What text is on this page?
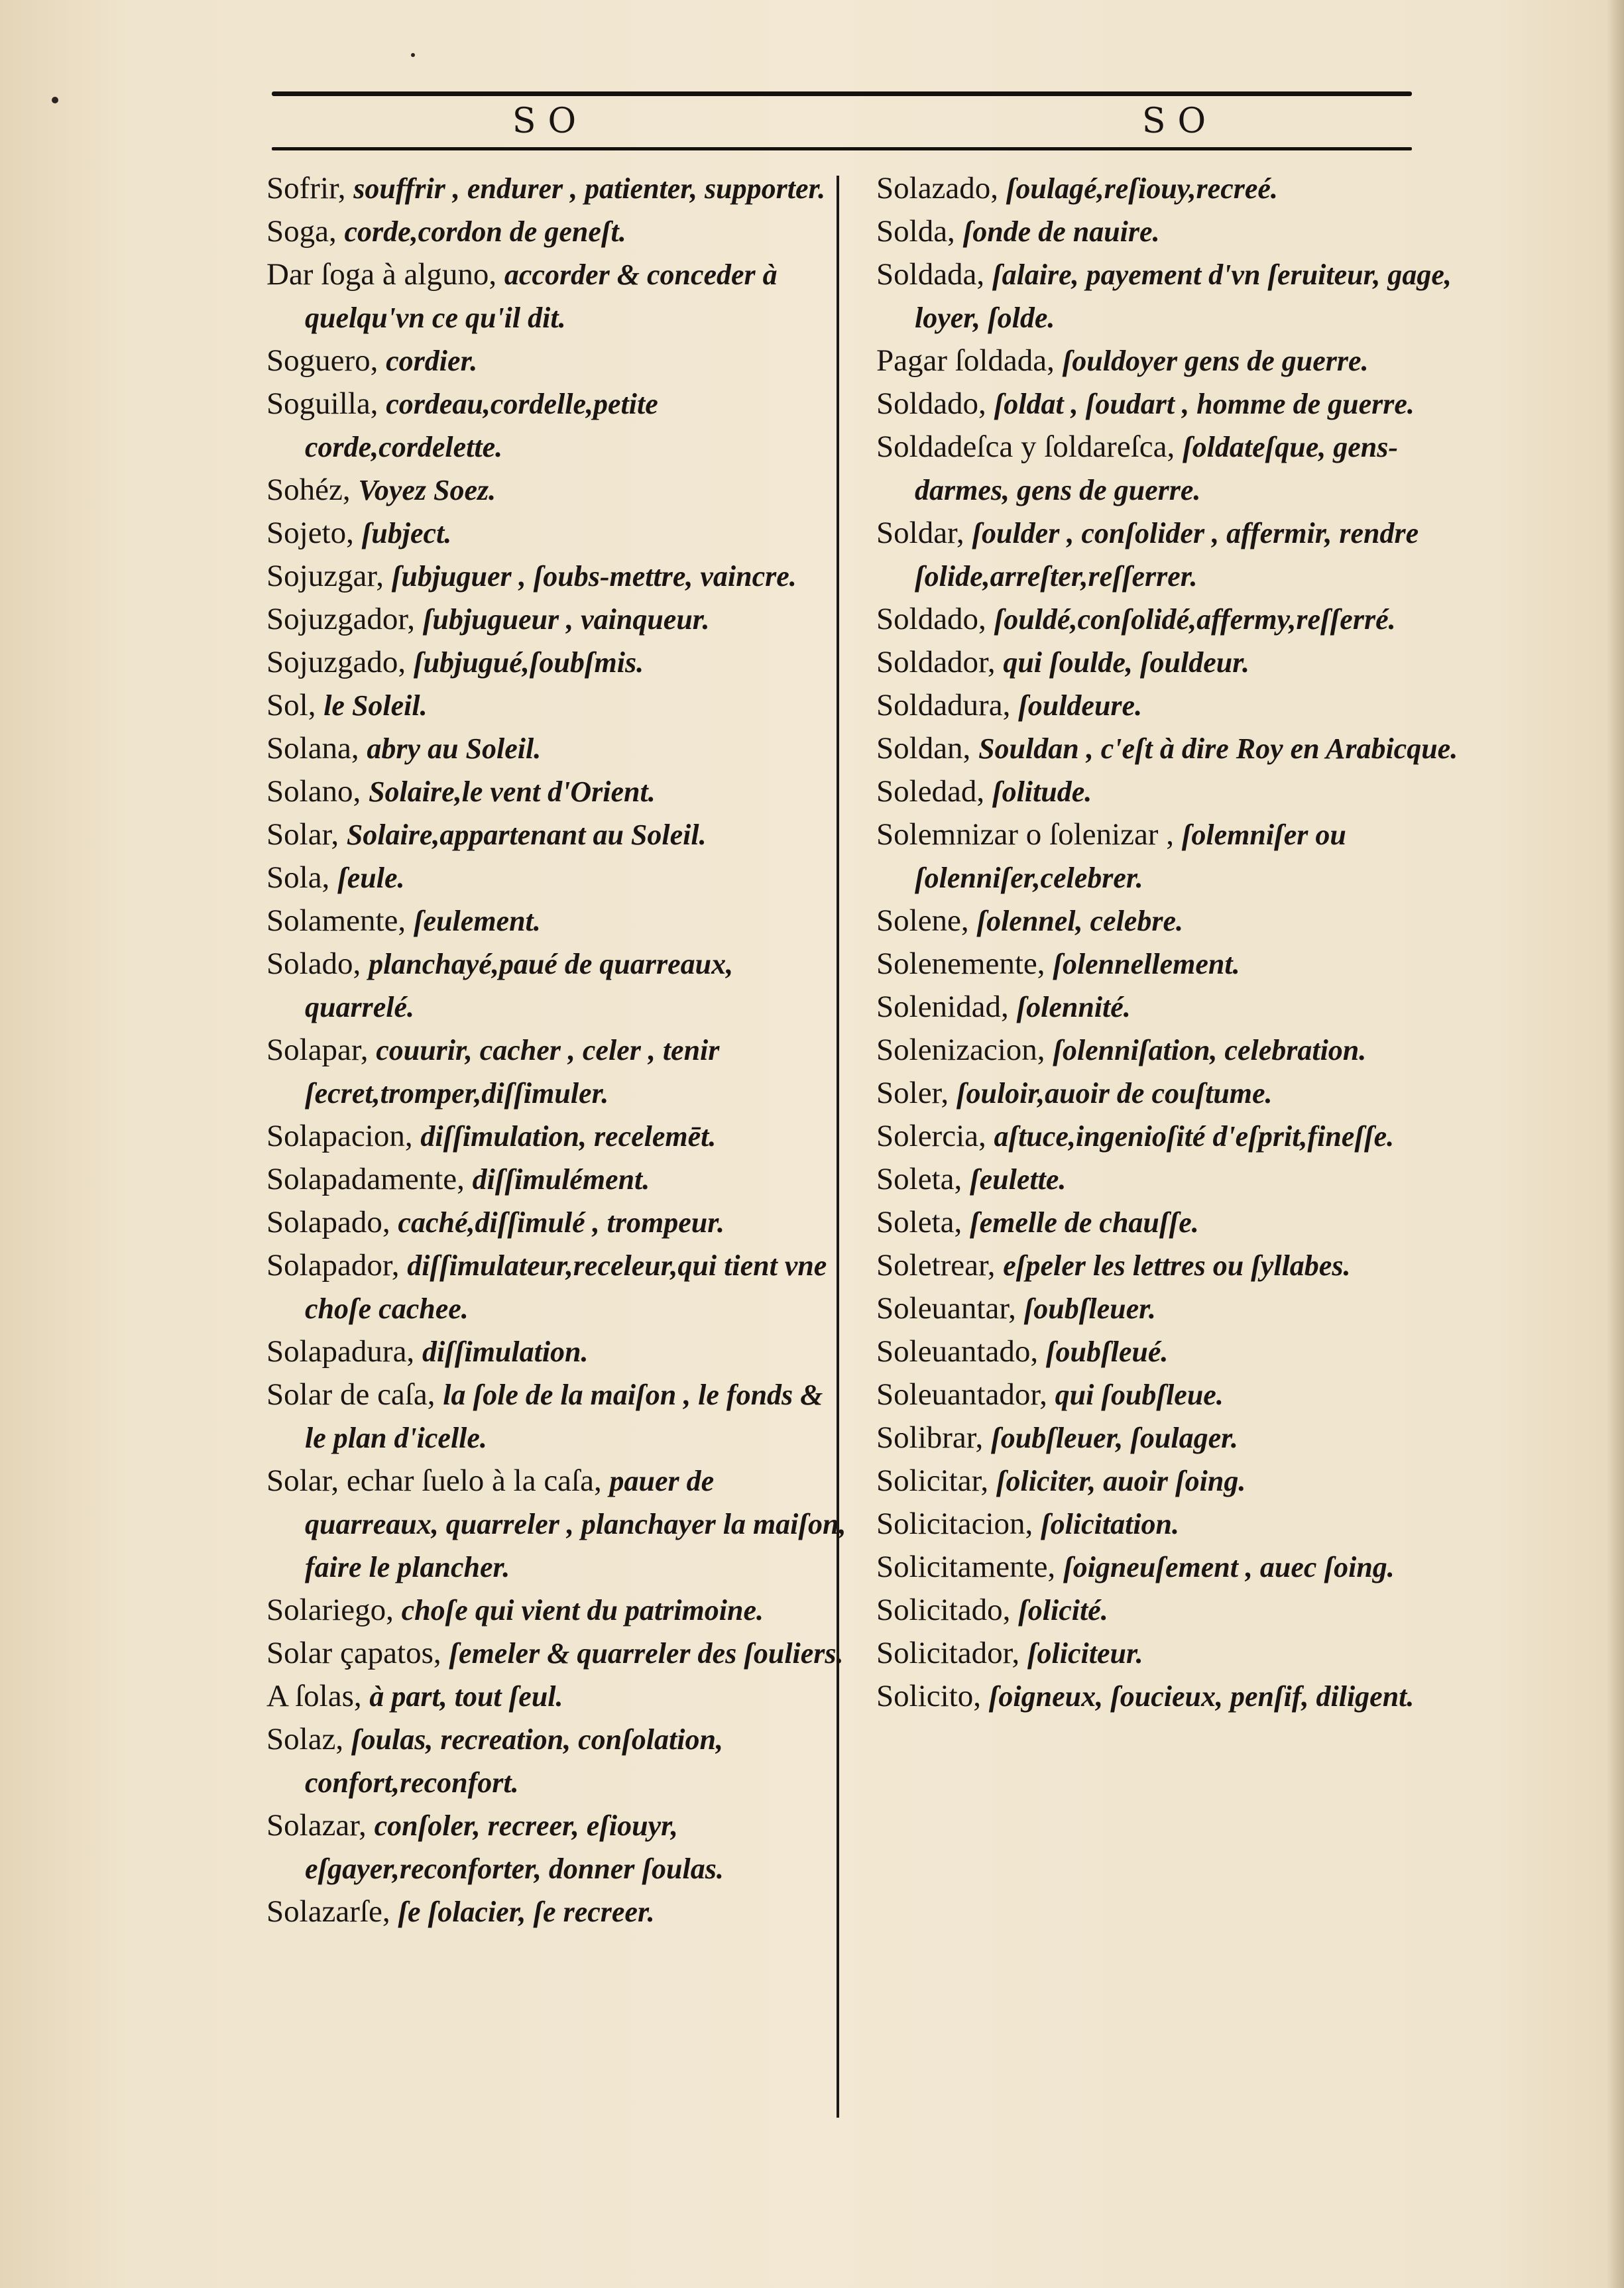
SO	SO

Sofrir, souffrir , endurer , patienter, supporter.

Soga, corde,cordon de geneſt.

Dar ſoga à alguno, accorder & conceder à quelqu'vn ce qu'il dit.

Soguero, cordier.

Soguilla, cordeau,cordelle,petite corde,cordelette.

Sohéz, Voyez Soez.

Sojeto, ſubject.

Sojuzgar, ſubjuguer , ſoubs-mettre, vaincre.

Sojuzgador, ſubjugueur , vainqueur.

Sojuzgado, ſubjugué,ſoubſmis.

Sol, le Soleil.

Solana, abry au Soleil.

Solano, Solaire,le vent d'Orient.

Solar, Solaire,appartenant au Soleil.

Sola, ſeule.

Solamente, ſeulement.

Solado, planchayé,paué de quarreaux, quarrelé.

Solapar, couurir, cacher , celer , tenir ſecret,tromper,diſſimuler.

Solapacion, diſſimulation, recelemēt.

Solapadamente, diſſimulément.

Solapado, caché,diſſimulé , trompeur.

Solapador, diſſimulateur,receleur,qui tient vne choſe cachee.

Solapadura, diſſimulation.

Solar de caſa, la ſole de la maiſon , le fonds & le plan d'icelle.

Solar, echar ſuelo à la caſa, pauer de quarreaux, quarreler , planchayer la maiſon, faire le plancher.

Solariego, choſe qui vient du patrimoine.

Solar çapatos, ſemeler & quarreler des ſouliers.

A ſolas, à part, tout ſeul.

Solaz, ſoulas, recreation, conſolation, confort,reconfort.

Solazar, conſoler, recreer, eſiouyr, eſgayer,reconforter, donner ſoulas.

Solazarſe, ſe ſolacier, ſe recreer.

Solazado, ſoulagé,reſiouy,recreé.

Solda, ſonde de nauire.

Soldada, ſalaire, payement d'vn ſeruiteur, gage, loyer, ſolde.

Pagar ſoldada, ſouldoyer gens de guerre.

Soldado, ſoldat , ſoudart , homme de guerre.

Soldadeſca y ſoldareſca, ſoldateſque, gens-darmes, gens de guerre.

Soldar, ſoulder , conſolider , affermir, rendre ſolide,arreſter,reſſerrer.

Soldado, ſouldé,conſolidé,affermy,reſſerré.

Soldador, qui ſoulde, ſouldeur.

Soldadura, ſouldeure.

Soldan, Souldan , c'eſt à dire Roy en Arabicque.

Soledad, ſolitude.

Solemnizar o ſolenizar , ſolemniſer ou ſolenniſer,celebrer.

Solene, ſolennel, celebre.

Solenemente, ſolennellement.

Solenidad, ſolennité.

Solenizacion, ſolenniſation, celebration.

Soler, ſouloir,auoir de couſtume.

Solercia, aſtuce,ingenioſité d'eſprit,fineſſe.

Soleta, ſeulette.

Soleta, ſemelle de chauſſe.

Soletrear, eſpeler les lettres ou ſyllabes.

Soleuantar, ſoubſleuer.

Soleuantado, ſoubſleué.

Soleuantador, qui ſoubſleue.

Solibrar, ſoubſleuer, ſoulager.

Solicitar, ſoliciter, auoir ſoing.

Solicitacion, ſolicitation.

Solicitamente, ſoigneuſement , auec ſoing.

Solicitado, ſolicité.

Solicitador, ſoliciteur.

Solicito, ſoigneux, ſoucieux, penſif, diligent.
